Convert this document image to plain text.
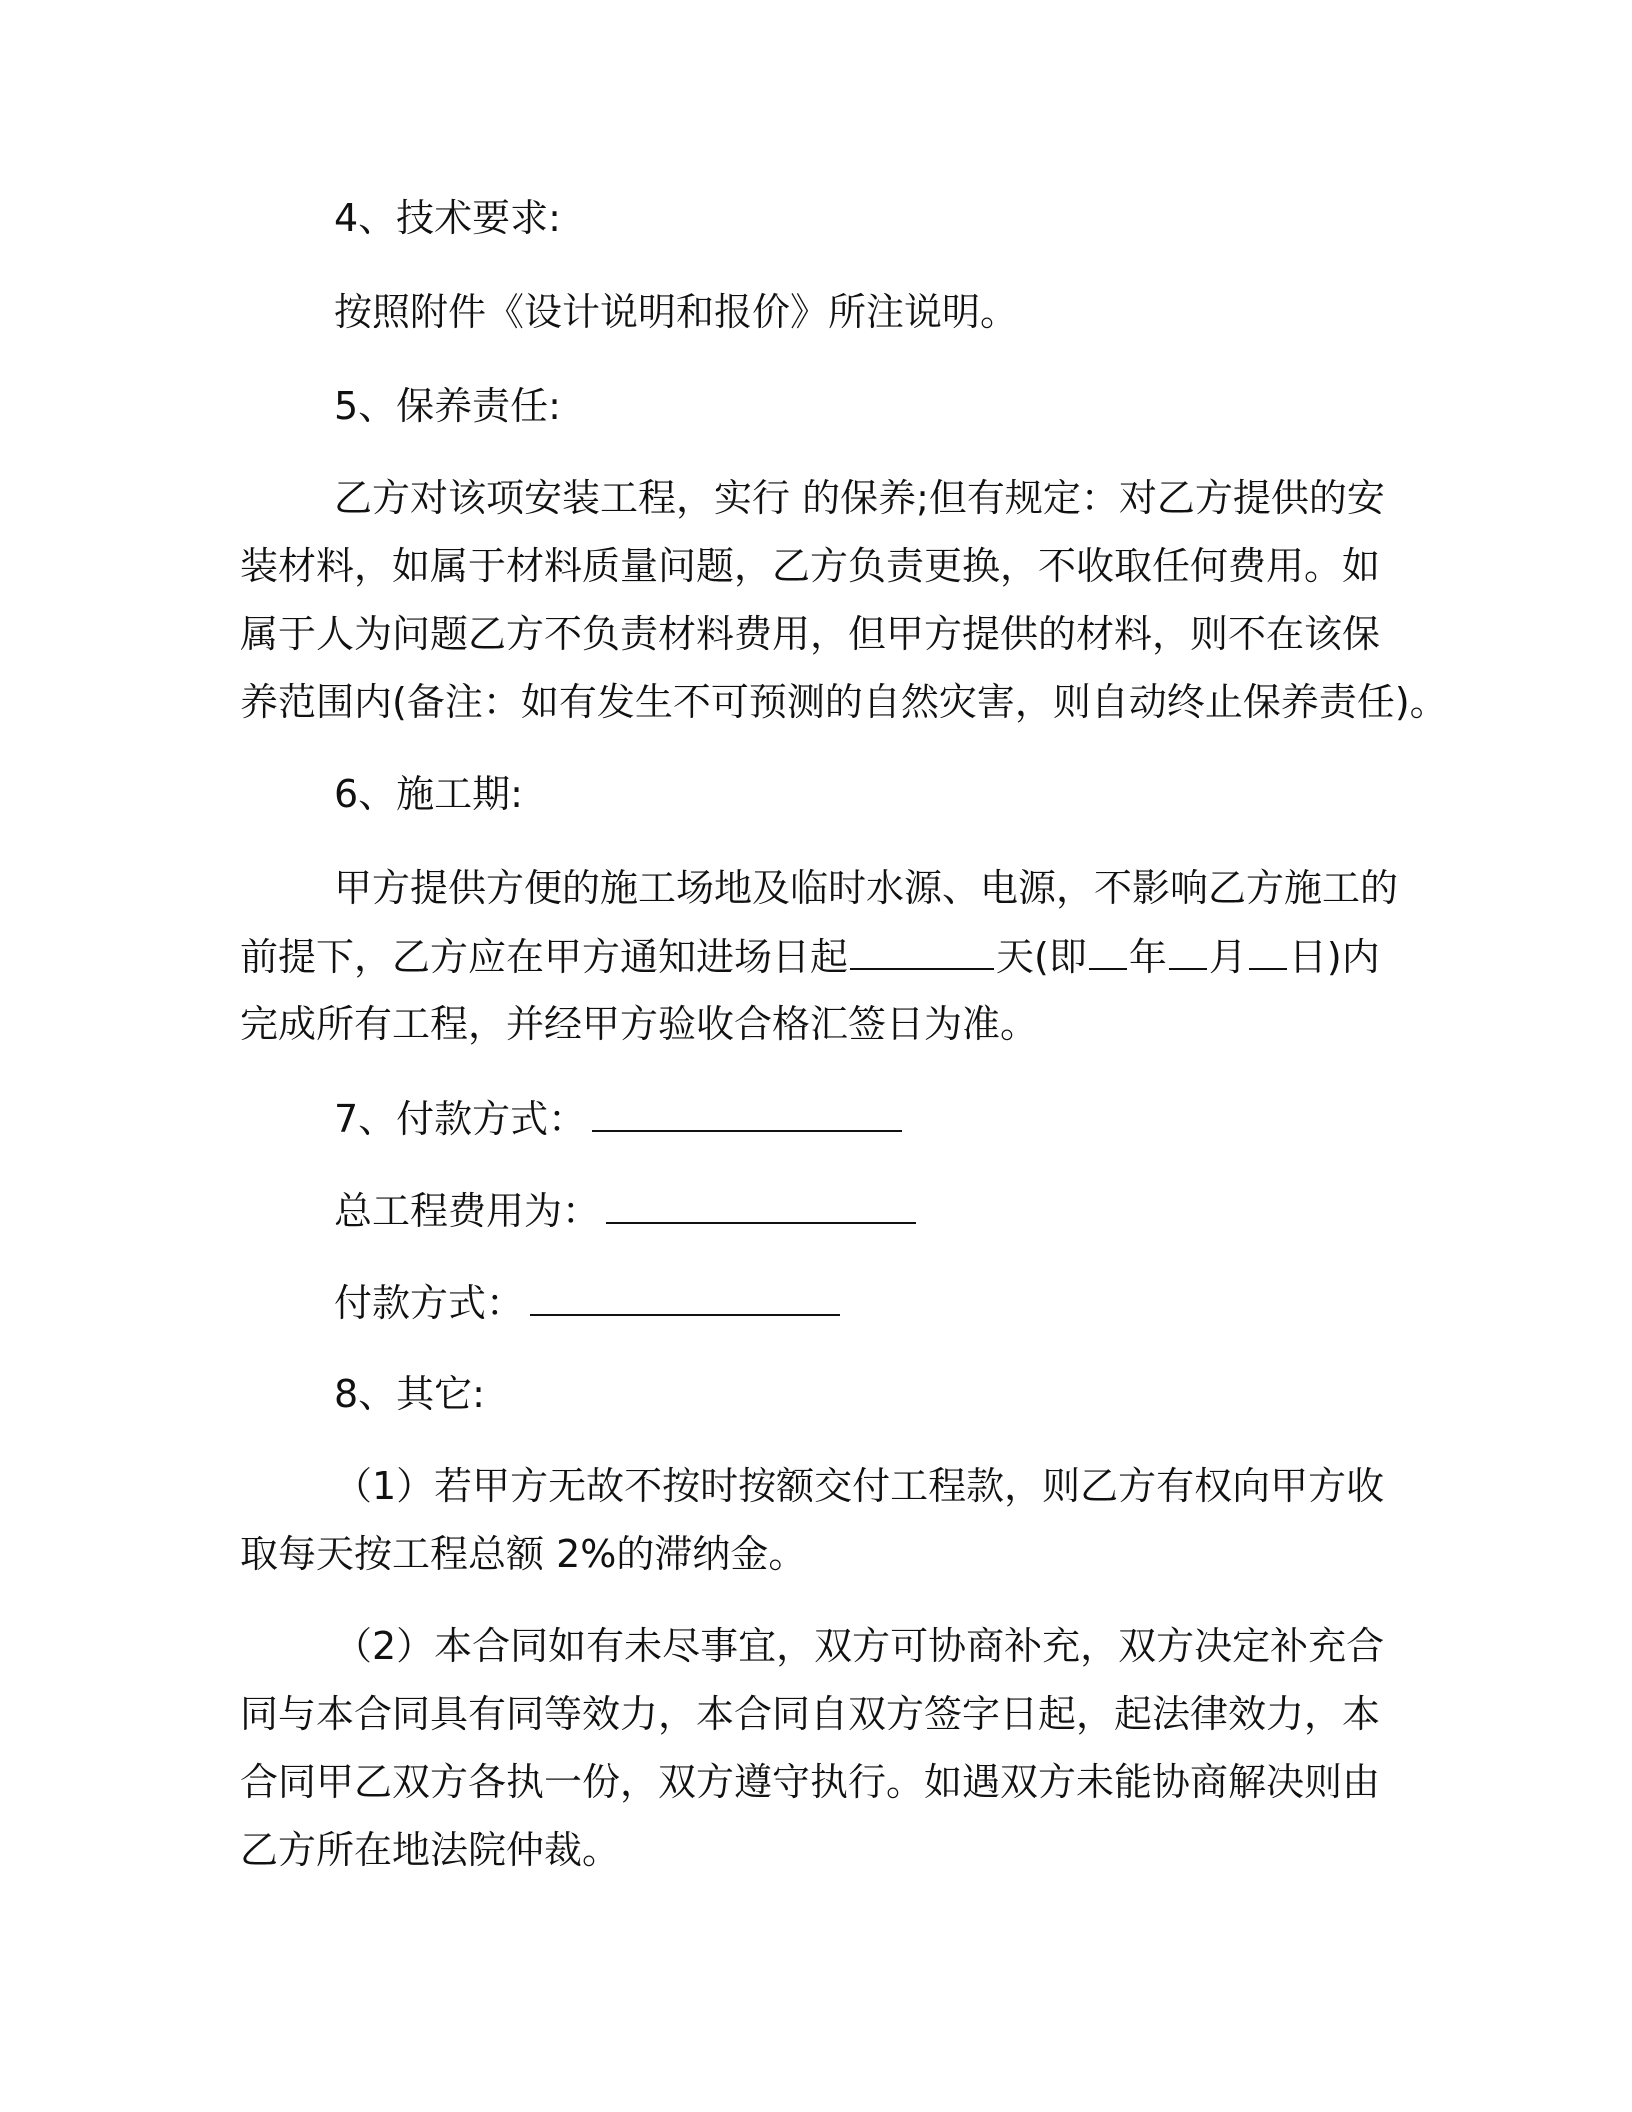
4、技术要求:
按照附件《设计说明和报价》所注说明。
5、保养责任:
乙方对该项安装工程，实行 的保养;但有规定：对乙方提供的安
装材料，如属于材料质量问题，乙方负责更换，不收取任何费用。如
属于人为问题乙方不负责材料费用，但甲方提供的材料，则不在该保
养范围内(备注：如有发生不可预测的自然灾害，则自动终止保养责任)。
6、施工期:
甲方提供方便的施工场地及临时水源、电源，不影响乙方施工的
前提下，乙方应在甲方通知进场日起	天(即 年 月 日)内
完成所有工程，并经甲方验收合格汇签日为准。
7、付款方式：
总工程费用为：
付款方式：
8、其它:
（1）若甲方无故不按时按额交付工程款，则乙方有权向甲方收
取每天按工程总额 2%的滞纳金。
（2）本合同如有未尽事宜，双方可协商补充，双方决定补充合
同与本合同具有同等效力，本合同自双方签字日起，起法律效力，本
合同甲乙双方各执一份，双方遵守执行。如遇双方未能协商解决则由
乙方所在地法院仲裁。
